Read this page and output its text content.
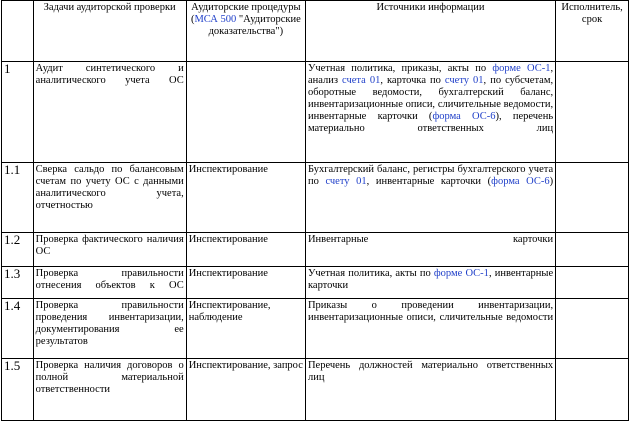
	Задачи аудиторской проверки	Аудиторские процедуры (МСА 500 "Аудиторские доказательства")	Источники информации	Исполнитель, срок
1	Аудит синтетического и аналитического учета ОС		Учетная политика, приказы, акты по форме ОС-1, анализ счета 01, карточка по счету 01, по субсчетам, оборотные ведомости, бухгалтерский баланс, инвентаризационные описи, сличительные ведомости, инвентарные карточки (форма ОС-6), перечень материально ответственных лиц	
1.1	Сверка сальдо по балансовым счетам по учету ОС с данными аналитического учета, отчетностью	Инспектирование	Бухгалтерский баланс, регистры бухгалтерского учета по счету 01, инвентарные карточки (форма ОС-6)	
1.2	Проверка фактического наличия ОС	Инспектирование	Инвентарные карточки	
1.3	Проверка правильности отнесения объектов к ОС	Инспектирование	Учетная политика, акты по форме ОС-1, инвентарные карточки	
1.4	Проверка правильности проведения инвентаризации, документирования ее результатов	Инспектирование, наблюдение	Приказы о проведении инвентаризации, инвентаризационные описи, сличительные ведомости	
1.5	Проверка наличия договоров о полной материальной ответственности	Инспектирование, запрос	Перечень должностей материально ответственных лиц	
